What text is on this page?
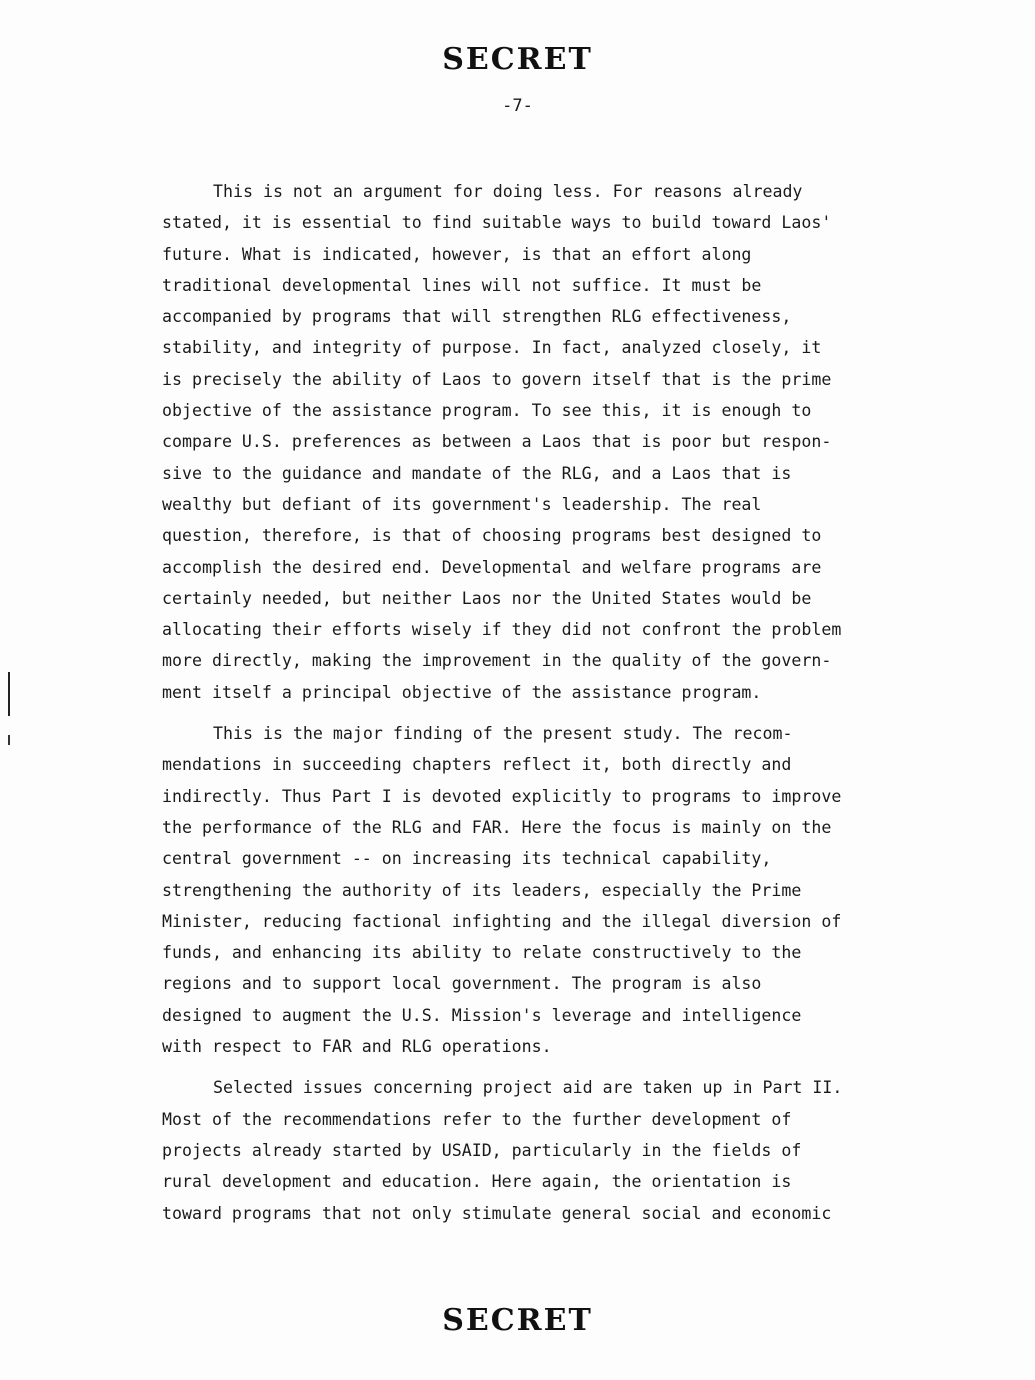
SECRET
-7-
This is not an argument for doing less. For reasons already
stated, it is essential to find suitable ways to build toward Laos'
future. What is indicated, however, is that an effort along
traditional developmental lines will not suffice. It must be
accompanied by programs that will strengthen RLG effectiveness,
stability, and integrity of purpose. In fact, analyzed closely, it
is precisely the ability of Laos to govern itself that is the prime
objective of the assistance program. To see this, it is enough to
compare U.S. preferences as between a Laos that is poor but respon-
sive to the guidance and mandate of the RLG, and a Laos that is
wealthy but defiant of its government's leadership. The real
question, therefore, is that of choosing programs best designed to
accomplish the desired end. Developmental and welfare programs are
certainly needed, but neither Laos nor the United States would be
allocating their efforts wisely if they did not confront the problem
more directly, making the improvement in the quality of the govern-
ment itself a principal objective of the assistance program.
This is the major finding of the present study. The recom-
mendations in succeeding chapters reflect it, both directly and
indirectly. Thus Part I is devoted explicitly to programs to improve
the performance of the RLG and FAR. Here the focus is mainly on the
central government -- on increasing its technical capability,
strengthening the authority of its leaders, especially the Prime
Minister, reducing factional infighting and the illegal diversion of
funds, and enhancing its ability to relate constructively to the
regions and to support local government. The program is also
designed to augment the U.S. Mission's leverage and intelligence
with respect to FAR and RLG operations.
Selected issues concerning project aid are taken up in Part II.
Most of the recommendations refer to the further development of
projects already started by USAID, particularly in the fields of
rural development and education. Here again, the orientation is
toward programs that not only stimulate general social and economic
SECRET
